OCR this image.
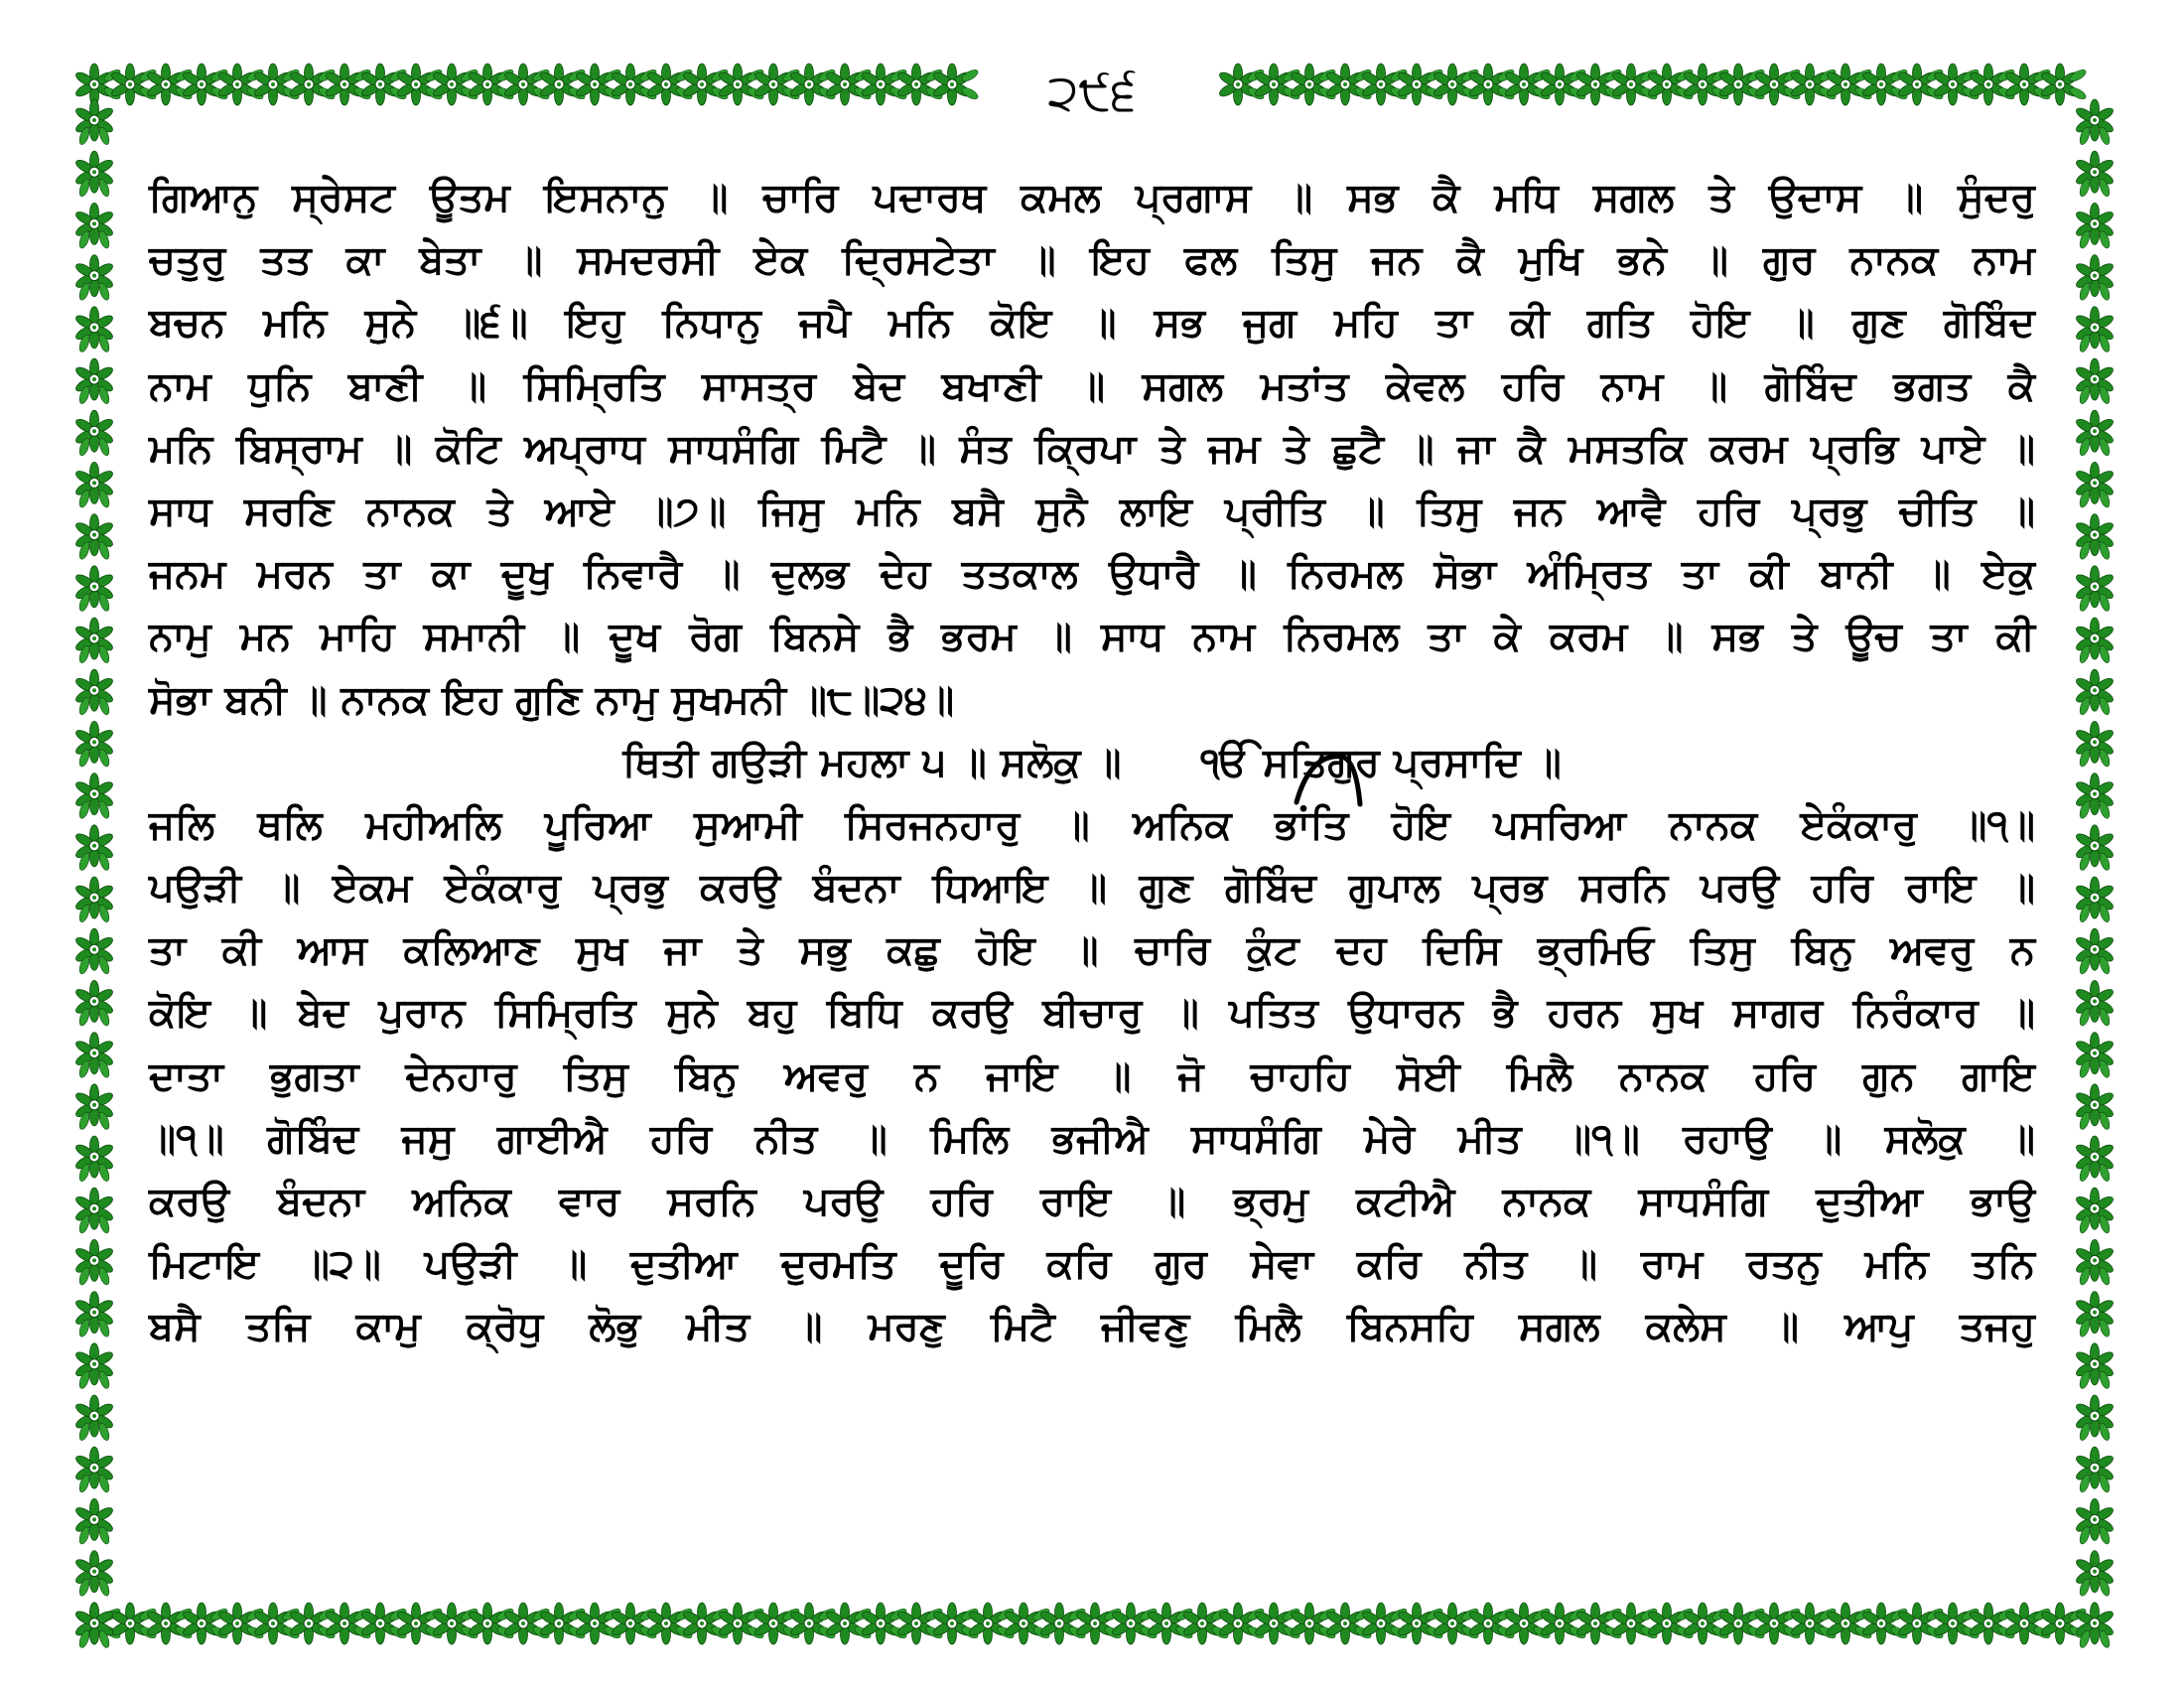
੨੯੬
ਗਿਆਨੁ ਸ੍ਰੇਸਟ ਊਤਮ ਇਸਨਾਨੁ ॥ ਚਾਰਿ ਪਦਾਰਥ ਕਮਲ ਪ੍ਰਗਾਸ ॥ ਸਭ ਕੈ ਮਧਿ ਸਗਲ ਤੇ ਉਦਾਸ ॥ ਸੁੰਦਰੁ
ਚਤੁਰੁ ਤਤ ਕਾ ਬੇਤਾ ॥ ਸਮਦਰਸੀ ਏਕ ਦ੍ਰਿਸਟੇਤਾ ॥ ਇਹ ਫਲ ਤਿਸੁ ਜਨ ਕੈ ਮੁਖਿ ਭਨੇ ॥ ਗੁਰ ਨਾਨਕ ਨਾਮ
ਬਚਨ ਮਨਿ ਸੁਨੇ ॥੬॥ ਇਹੁ ਨਿਧਾਨੁ ਜਪੈ ਮਨਿ ਕੋਇ ॥ ਸਭ ਜੁਗ ਮਹਿ ਤਾ ਕੀ ਗਤਿ ਹੋਇ ॥ ਗੁਣ ਗੋਬਿੰਦ
ਨਾਮ ਧੁਨਿ ਬਾਣੀ ॥ ਸਿਮ੍ਰਿਤਿ ਸਾਸਤ੍ਰ ਬੇਦ ਬਖਾਣੀ ॥ ਸਗਲ ਮਤਾਂਤ ਕੇਵਲ ਹਰਿ ਨਾਮ ॥ ਗੋਬਿੰਦ ਭਗਤ ਕੈ
ਮਨਿ ਬਿਸ੍ਰਾਮ ॥ ਕੋਟਿ ਅਪ੍ਰਾਧ ਸਾਧਸੰਗਿ ਮਿਟੈ ॥ ਸੰਤ ਕ੍ਰਿਪਾ ਤੇ ਜਮ ਤੇ ਛੁਟੈ ॥ ਜਾ ਕੈ ਮਸਤਕਿ ਕਰਮ ਪ੍ਰਭਿ ਪਾਏ ॥
ਸਾਧ ਸਰਣਿ ਨਾਨਕ ਤੇ ਆਏ ॥੭॥ ਜਿਸੁ ਮਨਿ ਬਸੈ ਸੁਨੈ ਲਾਇ ਪ੍ਰੀਤਿ ॥ ਤਿਸੁ ਜਨ ਆਵੈ ਹਰਿ ਪ੍ਰਭੁ ਚੀਤਿ ॥
ਜਨਮ ਮਰਨ ਤਾ ਕਾ ਦੂਖੁ ਨਿਵਾਰੈ ॥ ਦੁਲਭ ਦੇਹ ਤਤਕਾਲ ਉਧਾਰੈ ॥ ਨਿਰਮਲ ਸੋਭਾ ਅੰਮ੍ਰਿਤ ਤਾ ਕੀ ਬਾਨੀ ॥ ਏਕੁ
ਨਾਮੁ ਮਨ ਮਾਹਿ ਸਮਾਨੀ ॥ ਦੂਖ ਰੋਗ ਬਿਨਸੇ ਭੈ ਭਰਮ ॥ ਸਾਧ ਨਾਮ ਨਿਰਮਲ ਤਾ ਕੇ ਕਰਮ ॥ ਸਭ ਤੇ ਊਚ ਤਾ ਕੀ
ਸੋਭਾ ਬਨੀ ॥ ਨਾਨਕ ਇਹ ਗੁਣਿ ਨਾਮੁ ਸੁਖਮਨੀ ॥੮॥੨੪॥
ਥਿਤੀ ਗਉੜੀ ਮਹਲਾ ੫ ॥ ਸਲੋਕੁ ॥ ੴ ਸਤਿਗੁਰ ਪ੍ਰਸਾਦਿ ॥
ਜਲਿ ਥਲਿ ਮਹੀਅਲਿ ਪੂਰਿਆ ਸੁਆਮੀ ਸਿਰਜਨਹਾਰੁ ॥ ਅਨਿਕ ਭਾਂਤਿ ਹੋਇ ਪਸਰਿਆ ਨਾਨਕ ਏਕੰਕਾਰੁ ॥੧॥
ਪਉੜੀ ॥ ਏਕਮ ਏਕੰਕਾਰੁ ਪ੍ਰਭੁ ਕਰਉ ਬੰਦਨਾ ਧਿਆਇ ॥ ਗੁਣ ਗੋਬਿੰਦ ਗੁਪਾਲ ਪ੍ਰਭ ਸਰਨਿ ਪਰਉ ਹਰਿ ਰਾਇ ॥
ਤਾ ਕੀ ਆਸ ਕਲਿਆਣ ਸੁਖ ਜਾ ਤੇ ਸਭੁ ਕਛੁ ਹੋਇ ॥ ਚਾਰਿ ਕੁੰਟ ਦਹ ਦਿਸਿ ਭ੍ਰਮਿਓ ਤਿਸੁ ਬਿਨੁ ਅਵਰੁ ਨ
ਕੋਇ ॥ ਬੇਦ ਪੁਰਾਨ ਸਿਮ੍ਰਿਤਿ ਸੁਨੇ ਬਹੁ ਬਿਧਿ ਕਰਉ ਬੀਚਾਰੁ ॥ ਪਤਿਤ ਉਧਾਰਨ ਭੈ ਹਰਨ ਸੁਖ ਸਾਗਰ ਨਿਰੰਕਾਰ ॥
ਦਾਤਾ ਭੁਗਤਾ ਦੇਨਹਾਰੁ ਤਿਸੁ ਬਿਨੁ ਅਵਰੁ ਨ ਜਾਇ ॥ ਜੋ ਚਾਹਹਿ ਸੋਈ ਮਿਲੈ ਨਾਨਕ ਹਰਿ ਗੁਨ ਗਾਇ
॥੧॥ ਗੋਬਿੰਦ ਜਸੁ ਗਾਈਐ ਹਰਿ ਨੀਤ ॥ ਮਿਲਿ ਭਜੀਐ ਸਾਧਸੰਗਿ ਮੇਰੇ ਮੀਤ ॥੧॥ ਰਹਾਉ ॥ ਸਲੋਕੁ ॥
ਕਰਉ ਬੰਦਨਾ ਅਨਿਕ ਵਾਰ ਸਰਨਿ ਪਰਉ ਹਰਿ ਰਾਇ ॥ ਭ੍ਰਮੁ ਕਟੀਐ ਨਾਨਕ ਸਾਧਸੰਗਿ ਦੁਤੀਆ ਭਾਉ
ਮਿਟਾਇ ॥੨॥ ਪਉੜੀ ॥ ਦੁਤੀਆ ਦੁਰਮਤਿ ਦੂਰਿ ਕਰਿ ਗੁਰ ਸੇਵਾ ਕਰਿ ਨੀਤ ॥ ਰਾਮ ਰਤਨੁ ਮਨਿ ਤਨਿ
ਬਸੈ ਤਜਿ ਕਾਮੁ ਕ੍ਰੋਧੁ ਲੋਭੁ ਮੀਤ ॥ ਮਰਣੁ ਮਿਟੈ ਜੀਵਣੁ ਮਿਲੈ ਬਿਨਸਹਿ ਸਗਲ ਕਲੇਸ ॥ ਆਪੁ ਤਜਹੁ
